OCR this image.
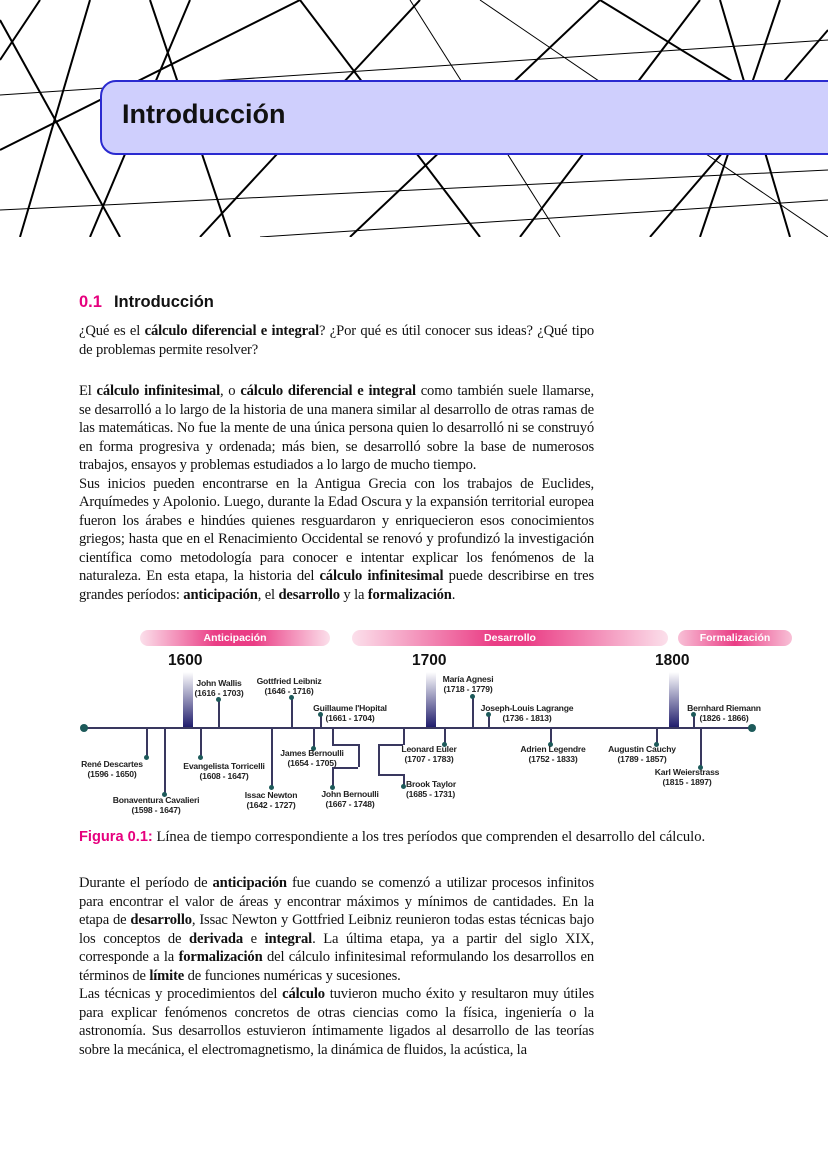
Introducción
0.1 Introducción

¿Qué es el cálculo diferencial e integral? ¿Por qué es útil conocer sus ideas? ¿Qué tipo de problemas permite resolver?

El cálculo infinitesimal, o cálculo diferencial e integral como también suele llamarse, se desarrolló a lo largo de la historia de una manera similar al desarrollo de otras ramas de las matemáticas. No fue la mente de una única persona quien lo desarrolló ni se construyó en forma progresiva y ordenada; más bien, se desarrolló sobre la base de numerosos trabajos, ensayos y problemas estudiados a lo largo de mucho tiempo.

Sus inicios pueden encontrarse en la Antigua Grecia con los trabajos de Euclides, Arquímedes y Apolonio. Luego, durante la Edad Oscura y la expansión territorial europea fueron los árabes e hindúes quienes resguardaron y enriquecieron esos conocimientos griegos; hasta que en el Renacimiento Occidental se renovó y profundizó la investigación científica como metodología para conocer e intentar explicar los fenómenos de la naturaleza. En esta etapa, la historia del cálculo infinitesimal puede describirse en tres grandes períodos: anticipación, el desarrollo y la formalización.

Anticipación	Desarrollo	Formalización
1600	1700	1800
John Wallis
(1616 - 1703)
Gottfried Leibniz
(1646 - 1716)
Guillaume l'Hopital
(1661 - 1704)
René Descartes
(1596 - 1650)
Bonaventura Cavalieri
(1598 - 1647)
Evangelista Torricelli
(1608 - 1647)
Issac Newton
(1642 - 1727)
James Bernoulli
(1654 - 1705)
John Bernoulli
(1667 - 1748)
Leonard Euler
(1707 - 1783)
Brook Taylor
(1685 - 1731)
María Agnesi
(1718 - 1779)
Joseph-Louis Lagrange
(1736 - 1813)
Adrien Legendre
(1752 - 1833)
Augustin Cauchy
(1789 - 1857)
Bernhard Riemann
(1826 - 1866)
Karl Weierstrass
(1815 - 1897)
Figura 0.1: Línea de tiempo correspondiente a los tres períodos que comprenden el desarrollo del cálculo.

Durante el período de anticipación fue cuando se comenzó a utilizar procesos infinitos para encontrar el valor de áreas y encontrar máximos y mínimos de cantidades. En la etapa de desarrollo, Issac Newton y Gottfried Leibniz reunieron todas estas técnicas bajo los conceptos de derivada e integral. La última etapa, ya a partir del siglo XIX, corresponde a la formalización del cálculo infinitesimal reformulando los desarrollos en términos de límite de funciones numéricas y sucesiones.

Las técnicas y procedimientos del cálculo tuvieron mucho éxito y resultaron muy útiles para explicar fenómenos concretos de otras ciencias como la física, ingeniería o la astronomía. Sus desarrollos estuvieron íntimamente ligados al desarrollo de las teorías sobre la mecánica, el electromagnetismo, la dinámica de fluidos, la acústica, la
